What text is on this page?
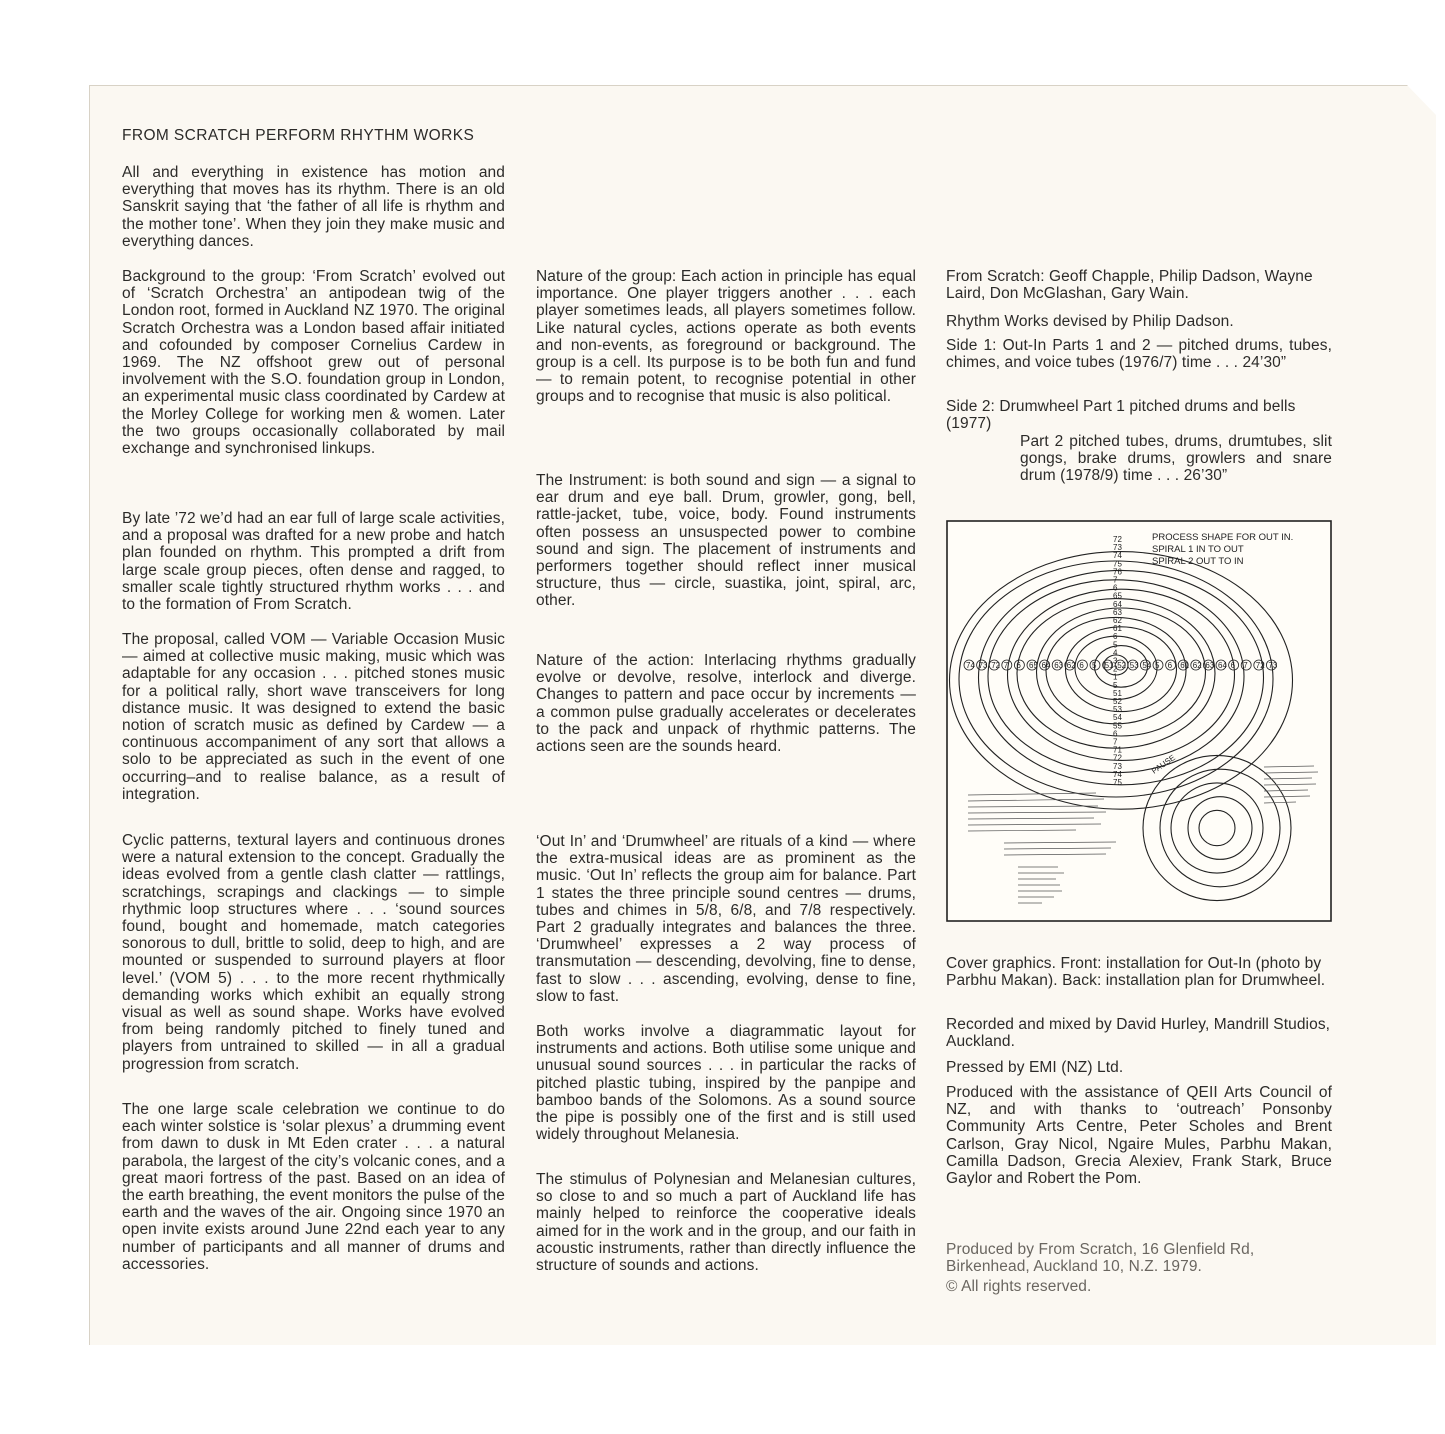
FROM SCRATCH PERFORM RHYTHM WORKS

All and everything in existence has motion and everything that moves has its rhythm. There is an old Sanskrit saying that ‘the father of all life is rhythm and the mother tone’. When they join they make music and everything dances.

Background to the group: ‘From Scratch’ evolved out of ‘Scratch Orchestra’ an antipodean twig of the London root, formed in Auckland NZ 1970. The original Scratch Orchestra was a London based affair initiated and cofounded by composer Cornelius Cardew in 1969. The NZ offshoot grew out of personal involvement with the S.O. foundation group in London, an experimental music class coordinated by Cardew at the Morley College for working men & women. Later the two groups occasionally collaborated by mail exchange and synchronised linkups.

By late ’72 we’d had an ear full of large scale activities, and a proposal was drafted for a new probe and hatch plan founded on rhythm. This prompted a drift from large scale group pieces, often dense and ragged, to smaller scale tightly structured rhythm works . . . and to the formation of From Scratch.

The proposal, called VOM — Variable Occasion Music — aimed at collective music making, music which was adaptable for any occasion . . . pitched stones music for a political rally, short wave transceivers for long distance music. It was designed to extend the basic notion of scratch music as defined by Cardew — a continuous accompaniment of any sort that allows a solo to be appreciated as such in the event of one occurring–and to realise balance, as a result of integration.

Cyclic patterns, textural layers and continuous drones were a natural extension to the concept. Gradually the ideas evolved from a gentle clash clatter — rattlings, scratchings, scrapings and clackings — to simple rhythmic loop structures where . . . ‘sound sources found, bought and homemade, match categories sonorous to dull, brittle to solid, deep to high, and are mounted or suspended to surround players at floor level.’ (VOM 5) . . . to the more recent rhythmically demanding works which exhibit an equally strong visual as well as sound shape. Works have evolved from being randomly pitched to finely tuned and players from untrained to skilled — in all a gradual progression from scratch.

The one large scale celebration we continue to do each winter solstice is ‘solar plexus’ a drumming event from dawn to dusk in Mt Eden crater . . . a natural parabola, the largest of the city’s volcanic cones, and a great maori fortress of the past. Based on an idea of the earth breathing, the event monitors the pulse of the earth and the waves of the air. Ongoing since 1970 an open invite exists around June 22nd each year to any number of participants and all manner of drums and accessories.

Nature of the group: Each action in principle has equal importance. One player triggers another . . . each player sometimes leads, all players sometimes follow. Like natural cycles, actions operate as both events and non-events, as foreground or background. The group is a cell. Its purpose is to be both fun and fund — to remain potent, to recognise potential in other groups and to recognise that music is also political.

The Instrument: is both sound and sign — a signal to ear drum and eye ball. Drum, growler, gong, bell, rattle-jacket, tube, voice, body. Found instruments often possess an unsuspected power to combine sound and sign. The placement of instruments and performers together should reflect inner musical structure, thus — circle, suastika, joint, spiral, arc, other.

Nature of the action: Interlacing rhythms gradually evolve or devolve, resolve, interlock and diverge. Changes to pattern and pace occur by increments — a common pulse gradually accelerates or decelerates to the pack and unpack of rhythmic patterns. The actions seen are the sounds heard.

‘Out In’ and ‘Drumwheel’ are rituals of a kind — where the extra-musical ideas are as prominent as the music. ‘Out In’ reflects the group aim for balance. Part 1 states the three principle sound centres — drums, tubes and chimes in 5/8, 6/8, and 7/8 respectively. Part 2 gradually integrates and balances the three. ‘Drumwheel’ expresses a 2 way process of transmutation — descending, devolving, fine to dense, fast to slow . . . ascending, evolving, dense to fine, slow to fast.

Both works involve a diagrammatic layout for instruments and actions. Both utilise some unique and unusual sound sources . . . in particular the racks of pitched plastic tubing, inspired by the panpipe and bamboo bands of the Solomons. As a sound source the pipe is possibly one of the first and is still used widely throughout Melanesia.

The stimulus of Polynesian and Melanesian cultures, so close to and so much a part of Auckland life has mainly helped to reinforce the cooperative ideals aimed for in the work and in the group, and our faith in acoustic instruments, rather than directly influence the structure of sounds and actions.

From Scratch: Geoff Chapple, Philip Dadson, Wayne Laird, Don McGlashan, Gary Wain.

Rhythm Works devised by Philip Dadson.

Side 1: Out-In Parts 1 and 2 — pitched drums, tubes, chimes, and voice tubes (1976/7) time . . . 24’30”

Side 2: Drumwheel Part 1 pitched drums and bells (1977)

Part 2 pitched tubes, drums, drumtubes, slit gongs, brake drums, growlers and snare drum (1978/9) time . . . 26’30”

PROCESS SHAPE FOR OUT IN.
SPIRAL 1 IN TO OUT
SPIRAL 2 OUT TO IN
72
73
74
75
76
7
6
65
64
63
62
61
6
5
4
3
2
1
5
51
52
53
54
55
6
7
71
72
73
74
75
74 73 72 7 6 65 64 63 62 6 5 51 52 53 54 5 6 61 62 63 64 6 7 72 73
PAUSE

Cover graphics. Front: installation for Out-In (photo by Parbhu Makan). Back: installation plan for Drumwheel.

Recorded and mixed by David Hurley, Mandrill Studios, Auckland.

Pressed by EMI (NZ) Ltd.

Produced with the assistance of QEII Arts Council of NZ, and with thanks to ‘outreach’ Ponsonby Community Arts Centre, Peter Scholes and Brent Carlson, Gray Nicol, Ngaire Mules, Parbhu Makan, Camilla Dadson, Grecia Alexiev, Frank Stark, Bruce Gaylor and Robert the Pom.

Produced by From Scratch, 16 Glenfield Rd, Birkenhead, Auckland 10, N.Z. 1979.

© All rights reserved.
